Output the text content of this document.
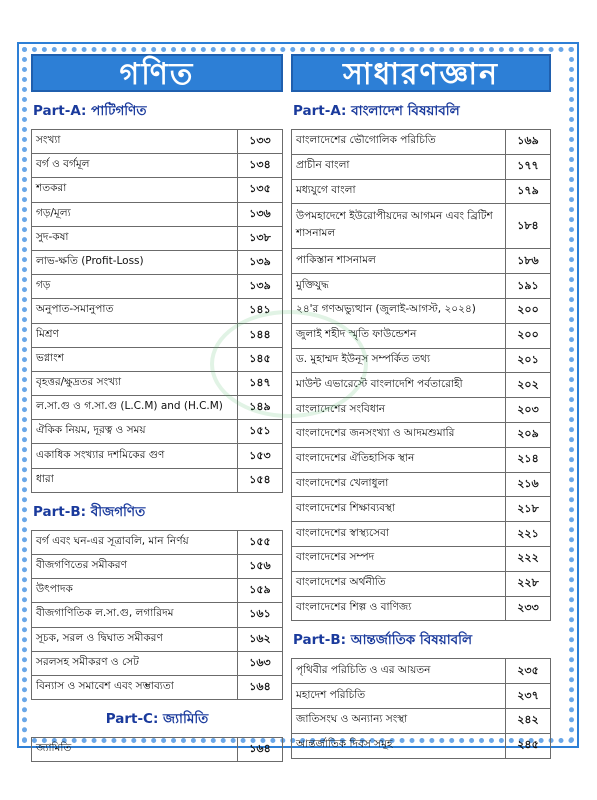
গণিত
Part-A: পাটিগণিত
সংখ্যা	১৩৩
বর্গ ও বর্গমূল	১৩৪
শতকরা	১৩৫
গড়/মূল্য	১৩৬
সুদ-কষা	১৩৮
লাভ-ক্ষতি (Profit-Loss)	১৩৯
গড়	১৩৯
অনুপাত-সমানুপাত	১৪১
মিশ্রণ	১৪৪
ভগ্নাংশ	১৪৫
বৃহত্তর/ক্ষুদ্রতর সংখ্যা	১৪৭
ল.সা.গু ও গ.সা.গু (L.C.M) and (H.C.M)	১৪৯
ঐকিক নিয়ম, দূরত্ব ও সময়	১৫১
একাধিক সংখ্যার দশমিকের গুণ	১৫৩
ধারা	১৫৪
Part-B: বীজগণিত
বর্গ এবং ঘন-এর সূত্রাবলি, মান নির্ণয়	১৫৫
বীজগণিতের সমীকরণ	১৫৬
উৎপাদক	১৫৯
বীজগাণিতিক ল.সা.গু, লগারিদম	১৬১
সূচক, সরল ও দ্বিঘাত সমীকরণ	১৬২
সরলসহ সমীকরণ ও সেট	১৬৩
বিন্যাস ও সমাবেশ এবং সম্ভাব্যতা	১৬৪
Part-C: জ্যামিতি
জ্যামিতি	১৬৪
সাধারণজ্ঞান
Part-A: বাংলাদেশ বিষয়াবলি
বাংলাদেশের ভৌগোলিক পরিচিতি	১৬৯
প্রাচীন বাংলা	১৭৭
মধ্যযুগে বাংলা	১৭৯
উপমহাদেশে ইউরোপীয়দের আগমন এবং ব্রিটিশ শাসনামল	১৮৪
পাকিস্তান শাসনামল	১৮৬
মুক্তিযুদ্ধ	১৯১
২৪'র গণঅভ্যুত্থান (জুলাই-আগস্ট, ২০২৪)	২০০
জুলাই শহীদ স্মৃতি ফাউন্ডেশন	২০০
ড. মুহাম্মদ ইউনূস সম্পর্কিত তথ্য	২০১
মাউন্ট এভারেস্টে বাংলাদেশি পর্বতারোহী	২০২
বাংলাদেশের সংবিধান	২০৩
বাংলাদেশের জনসংখ্যা ও আদমশুমারি	২০৯
বাংলাদেশের ঐতিহাসিক স্থান	২১৪
বাংলাদেশের খেলাধুলা	২১৬
বাংলাদেশের শিক্ষাব্যবস্থা	২১৮
বাংলাদেশের স্বাস্থ্যসেবা	২২১
বাংলাদেশের সম্পদ	২২২
বাংলাদেশের অর্থনীতি	২২৮
বাংলাদেশের শিল্প ও বাণিজ্য	২৩৩
Part-B: আন্তর্জাতিক বিষয়াবলি
পৃথিবীর পরিচিতি ও এর আয়তন	২৩৫
মহাদেশ পরিচিতি	২৩৭
জাতিসংঘ ও অন্যান্য সংস্থা	২৪২
আন্তর্জাতিক দিবস সমূহ	২৪৫
